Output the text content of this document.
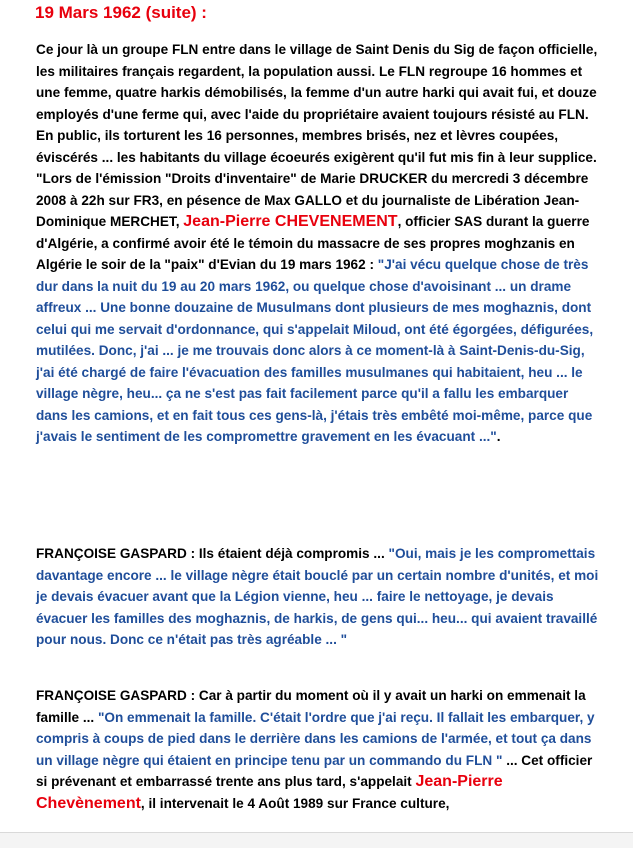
19 Mars 1962 (suite) :
Ce jour là un groupe FLN entre dans le village de Saint Denis du Sig de façon officielle, les militaires français regardent, la population aussi. Le FLN regroupe 16 hommes et une femme, quatre harkis démobilisés, la femme d'un autre harki qui avait fui, et douze employés d'une ferme qui, avec l'aide du propriétaire avaient toujours résisté au FLN. En public, ils torturent les 16 personnes, membres brisés, nez et lèvres coupées, éviscérés ... les habitants du village écoeurés exigèrent qu'il fut mis fin à leur supplice. "Lors de l'émission "Droits d'inventaire" de Marie DRUCKER du mercredi 3 décembre 2008 à 22h sur FR3, en pésence de Max GALLO et du journaliste de Libération Jean-Dominique MERCHET, Jean-Pierre CHEVENEMENT, officier SAS durant la guerre d'Algérie, a confirmé avoir été le témoin du massacre de ses propres moghzanis en Algérie le soir de la "paix" d'Evian du 19 mars 1962 : "J'ai vécu quelque chose de très dur dans la nuit du 19 au 20 mars 1962, ou quelque chose d'avoisinant ... un drame affreux ... Une bonne douzaine de Musulmans dont plusieurs de mes moghaznis, dont celui qui me servait d'ordonnance, qui s'appelait Miloud, ont été égorgées, défigurées, mutilées. Donc, j'ai ... je me trouvais donc alors à ce moment-là à Saint-Denis-du-Sig, j'ai été chargé de faire l'évacuation des familles musulmanes qui habitaient, heu ... le village nègre, heu... ça ne s'est pas fait facilement parce qu'il a fallu les embarquer dans les camions, et en fait tous ces gens-là, j'étais très embêté moi-même, parce que j'avais le sentiment de les compromettre gravement en les évacuant ...".
FRANÇOISE GASPARD : Ils étaient déjà compromis ... "Oui, mais je les compromettais davantage encore ... le village nègre était bouclé par un certain nombre d'unités, et moi je devais évacuer avant que la Légion vienne, heu ... faire le nettoyage, je devais évacuer les familles des moghaznis, de harkis, de gens qui... heu... qui avaient travaillé pour nous. Donc ce n'était pas très agréable ... "
FRANÇOISE GASPARD : Car à partir du moment où il y avait un harki on emmenait la famille ... "On emmenait la famille. C'était l'ordre que j'ai reçu. Il fallait les embarquer, y compris à coups de pied dans le derrière dans les camions de l'armée, et tout ça dans un village nègre qui étaient en principe tenu par un commando du FLN " ... Cet officier si prévenant et embarrassé trente ans plus tard, s'appelait Jean-Pierre Chevènement, il intervenait le 4 Août 1989 sur France culture,
